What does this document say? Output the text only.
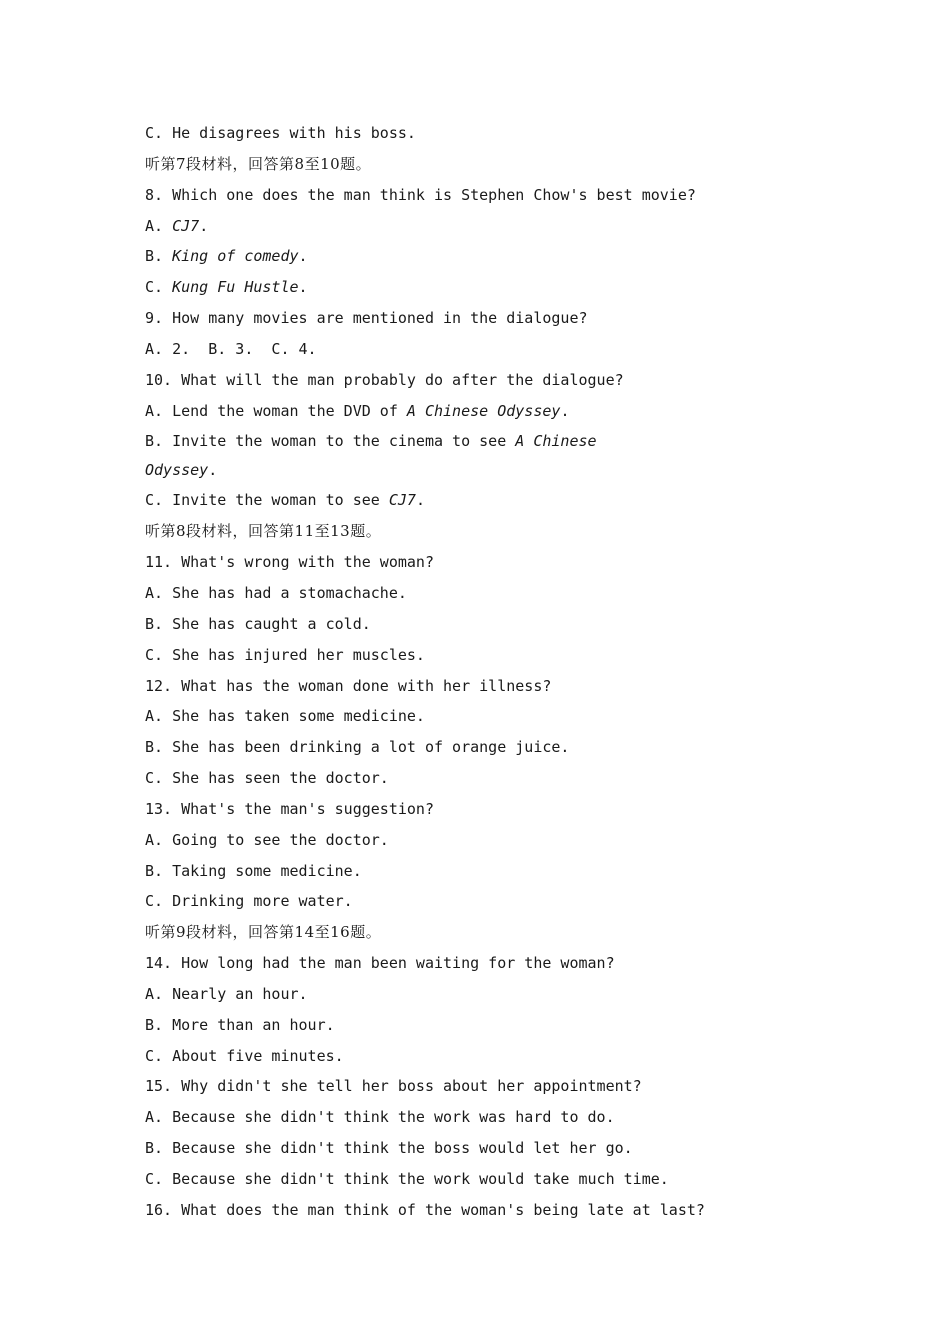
C. He disagrees with his boss.
听第7段材料，回答第8至10题。
8. Which one does the man think is Stephen Chow's best movie?
A. CJ7.
B. King of comedy.
C. Kung Fu Hustle.
9. How many movies are mentioned in the dialogue?
A. 2.  B. 3.  C. 4.
10. What will the man probably do after the dialogue?
A. Lend the woman the DVD of A Chinese Odyssey.
B. Invite the woman to the cinema to see A Chinese
Odyssey.
C. Invite the woman to see CJ7.
听第8段材料，回答第11至13题。
11. What's wrong with the woman?
A. She has had a stomachache.
B. She has caught a cold.
C. She has injured her muscles.
12. What has the woman done with her illness?
A. She has taken some medicine.
B. She has been drinking a lot of orange juice.
C. She has seen the doctor.
13. What's the man's suggestion?
A. Going to see the doctor.
B. Taking some medicine.
C. Drinking more water.
听第9段材料，回答第14至16题。
14. How long had the man been waiting for the woman?
A. Nearly an hour.
B. More than an hour.
C. About five minutes.
15. Why didn't she tell her boss about her appointment?
A. Because she didn't think the work was hard to do.
B. Because she didn't think the boss would let her go.
C. Because she didn't think the work would take much time.
16. What does the man think of the woman's being late at last?
